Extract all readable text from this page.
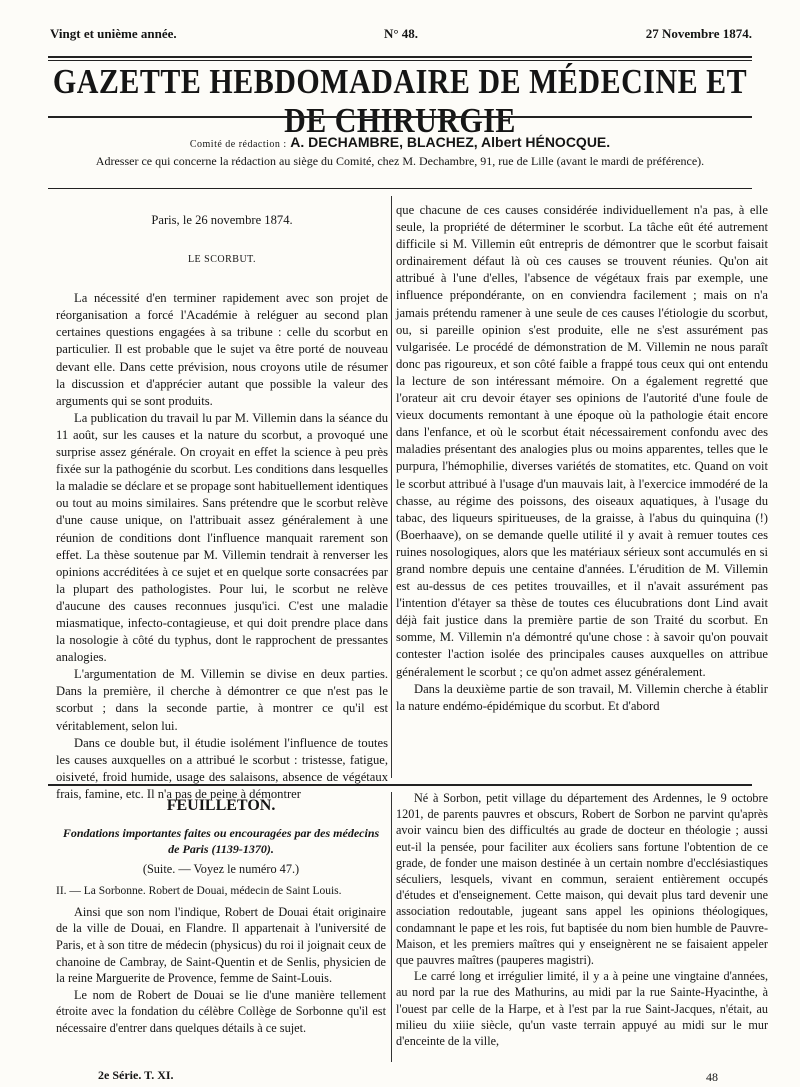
Vingt et unième année.	N° 48.	27 Novembre 1874.
GAZETTE HEBDOMADAIRE DE MÉDECINE ET DE CHIRURGIE
Comité de rédaction : A. DECHAMBRE, BLACHEZ, Albert HÉNOCQUE.
Adresser ce qui concerne la rédaction au siège du Comité, chez M. Dechambre, 91, rue de Lille (avant le mardi de préférence).

Paris, le 26 novembre 1874.

LE SCORBUT.

La nécessité d'en terminer rapidement avec son projet de réorganisation a forcé l'Académie à reléguer au second plan certaines questions engagées à sa tribune : celle du scorbut en particulier. Il est probable que le sujet va être porté de nouveau devant elle. Dans cette prévision, nous croyons utile de résumer la discussion et d'apprécier autant que possible la valeur des arguments qui se sont produits.

La publication du travail lu par M. Villemin dans la séance du 11 août, sur les causes et la nature du scorbut, a provoqué une surprise assez générale. On croyait en effet la science à peu près fixée sur la pathogénie du scorbut. Les conditions dans lesquelles la maladie se déclare et se propage sont habituellement identiques ou tout au moins similaires. Sans prétendre que le scorbut relève d'une cause unique, on l'attribuait assez généralement à une réunion de conditions dont l'influence manquait rarement son effet. La thèse soutenue par M. Villemin tendrait à renverser les opinions accréditées à ce sujet et en quelque sorte consacrées par la plupart des pathologistes. Pour lui, le scorbut ne relève d'aucune des causes reconnues jusqu'ici. C'est une maladie miasmatique, infecto-contagieuse, et qui doit prendre place dans la nosologie à côté du typhus, dont le rapprochent de pressantes analogies.

L'argumentation de M. Villemin se divise en deux parties. Dans la première, il cherche à démontrer ce que n'est pas le scorbut ; dans la seconde partie, à montrer ce qu'il est véritablement, selon lui.

Dans ce double but, il étudie isolément l'influence de toutes les causes auxquelles on a attribué le scorbut : tristesse, fatigue, oisiveté, froid humide, usage des salaisons, absence de végétaux frais, famine, etc. Il n'a pas de peine à démontrer

que chacune de ces causes considérée individuellement n'a pas, à elle seule, la propriété de déterminer le scorbut. La tâche eût été autrement difficile si M. Villemin eût entrepris de démontrer que le scorbut faisait ordinairement défaut là où ces causes se trouvent réunies. Qu'on ait attribué à l'une d'elles, l'absence de végétaux frais par exemple, une influence prépondérante, on en conviendra facilement ; mais on n'a jamais prétendu ramener à une seule de ces causes l'étiologie du scorbut, ou, si pareille opinion s'est produite, elle ne s'est assurément pas vulgarisée. Le procédé de démonstration de M. Villemin ne nous paraît donc pas rigoureux, et son côté faible a frappé tous ceux qui ont entendu la lecture de son intéressant mémoire. On a également regretté que l'orateur ait cru devoir étayer ses opinions de l'autorité d'une foule de vieux documents remontant à une époque où la pathologie était encore dans l'enfance, et où le scorbut était nécessairement confondu avec des maladies présentant des analogies plus ou moins apparentes, telles que le purpura, l'hémophilie, diverses variétés de stomatites, etc. Quand on voit le scorbut attribué à l'usage d'un mauvais lait, à l'exercice immodéré de la chasse, au régime des poissons, des oiseaux aquatiques, à l'usage du tabac, des liqueurs spiritueuses, de la graisse, à l'abus du quinquina (!) (Boerhaave), on se demande quelle utilité il y avait à remuer toutes ces ruines nosologiques, alors que les matériaux sérieux sont accumulés en si grand nombre depuis une centaine d'années. L'érudition de M. Villemin est au-dessus de ces petites trouvailles, et il n'avait assurément pas l'intention d'étayer sa thèse de toutes ces élucubrations dont Lind avait déjà fait justice dans la première partie de son Traité du scorbut. En somme, M. Villemin n'a démontré qu'une chose : à savoir qu'on pouvait contester l'action isolée des principales causes auxquelles on attribue généralement le scorbut ; ce qu'on admet assez généralement.

Dans la deuxième partie de son travail, M. Villemin cherche à établir la nature endémo-épidémique du scorbut. Et d'abord

FEUILLETON.
Fondations importantes faites ou encouragées par des médecins de Paris (1139-1370).

(Suite. — Voyez le numéro 47.)

II. — La Sorbonne. Robert de Douai, médecin de Saint Louis.

Ainsi que son nom l'indique, Robert de Douai était originaire de la ville de Douai, en Flandre. Il appartenait à l'université de Paris, et à son titre de médecin (physicus) du roi il joignait ceux de chanoine de Cambray, de Saint-Quentin et de Senlis, physicien de la reine Marguerite de Provence, femme de Saint-Louis.

Le nom de Robert de Douai se lie d'une manière tellement étroite avec la fondation du célèbre Collège de Sorbonne qu'il est nécessaire d'entrer dans quelques détails à ce sujet.

Né à Sorbon, petit village du département des Ardennes, le 9 octobre 1201, de parents pauvres et obscurs, Robert de Sorbon ne parvint qu'après avoir vaincu bien des difficultés au grade de docteur en théologie ; aussi eut-il la pensée, pour faciliter aux écoliers sans fortune l'obtention de ce grade, de fonder une maison destinée à un certain nombre d'ecclésiastiques séculiers, lesquels, vivant en commun, seraient entièrement occupés d'études et d'enseignement. Cette maison, qui devait plus tard devenir une association redoutable, jugeant sans appel les opinions théologiques, condamnant le pape et les rois, fut baptisée du nom bien humble de Pauvre-Maison, et les premiers maîtres qui y enseignèrent ne se faisaient appeler que pauvres maîtres (pauperes magistri).

Le carré long et irrégulier limité, il y a à peine une vingtaine d'années, au nord par la rue des Mathurins, au midi par la rue Sainte-Hyacinthe, à l'ouest par celle de la Harpe, et à l'est par la rue Saint-Jacques, n'était, au milieu du xiiie siècle, qu'un vaste terrain appuyé au midi sur le mur d'enceinte de la ville,

2e Série. T. XI.	48
